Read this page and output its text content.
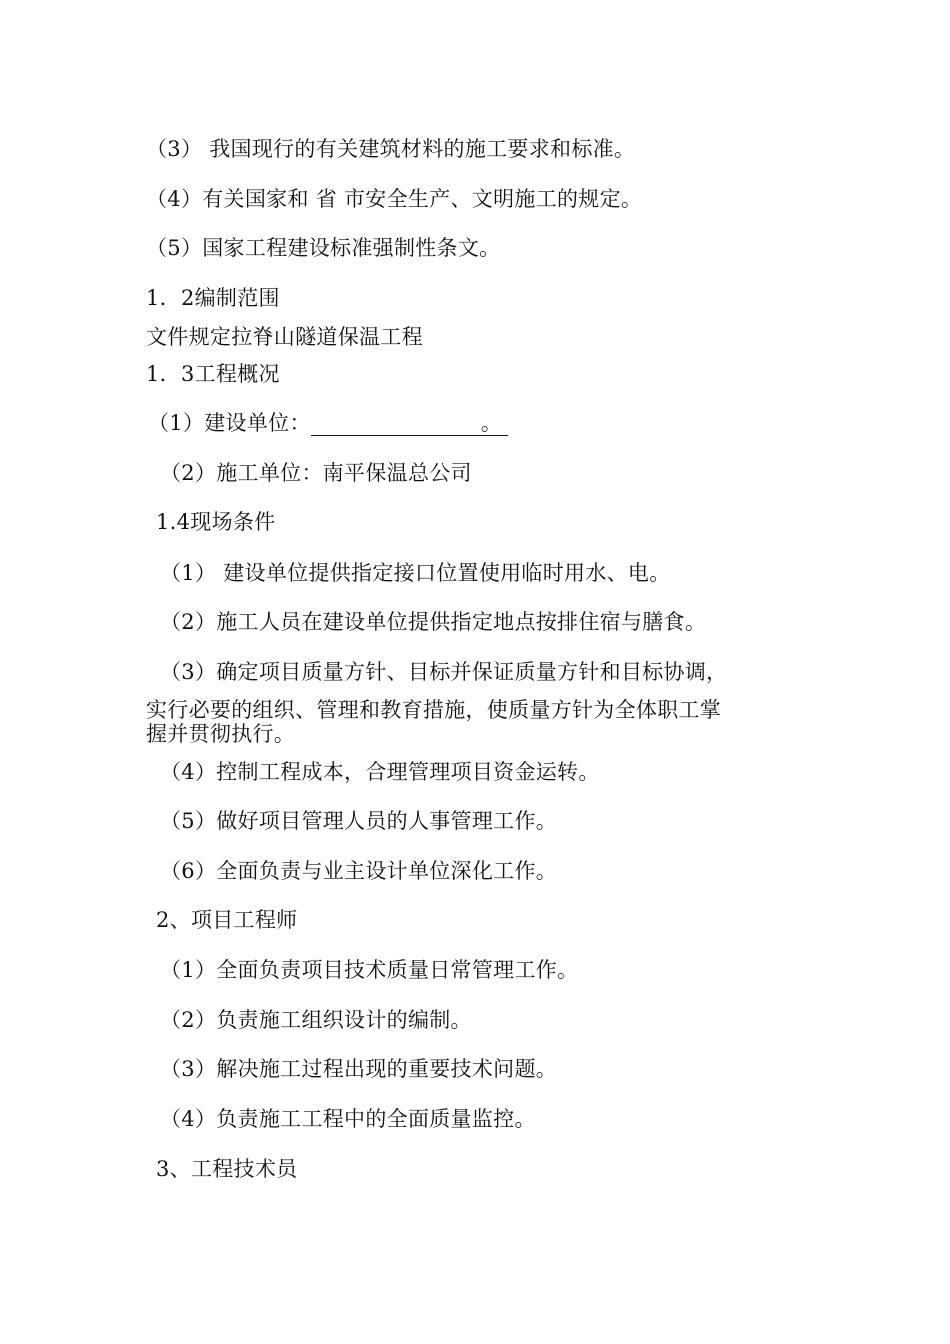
（3） 我国现行的有关建筑材料的施工要求和标准。
（4）有关国家和 省 市安全生产、文明施工的规定。
（5）国家工程建设标准强制性条文。
1．2编制范围
文件规定拉脊山隧道保温工程
1．3工程概况
（1）建设单位：	。
（2）施工单位：南平保温总公司
1.4现场条件
（1） 建设单位提供指定接口位置使用临时用水、电。
（2）施工人员在建设单位提供指定地点按排住宿与膳食。
（3）确定项目质量方针、目标并保证质量方针和目标协调，
实行必要的组织、管理和教育措施，使质量方针为全体职工掌
握并贯彻执行。
（4）控制工程成本，合理管理项目资金运转。
（5）做好项目管理人员的人事管理工作。
（6）全面负责与业主设计单位深化工作。
2、项目工程师
（1）全面负责项目技术质量日常管理工作。
（2）负责施工组织设计的编制。
（3）解决施工过程出现的重要技术问题。
（4）负责施工工程中的全面质量监控。
3、工程技术员
